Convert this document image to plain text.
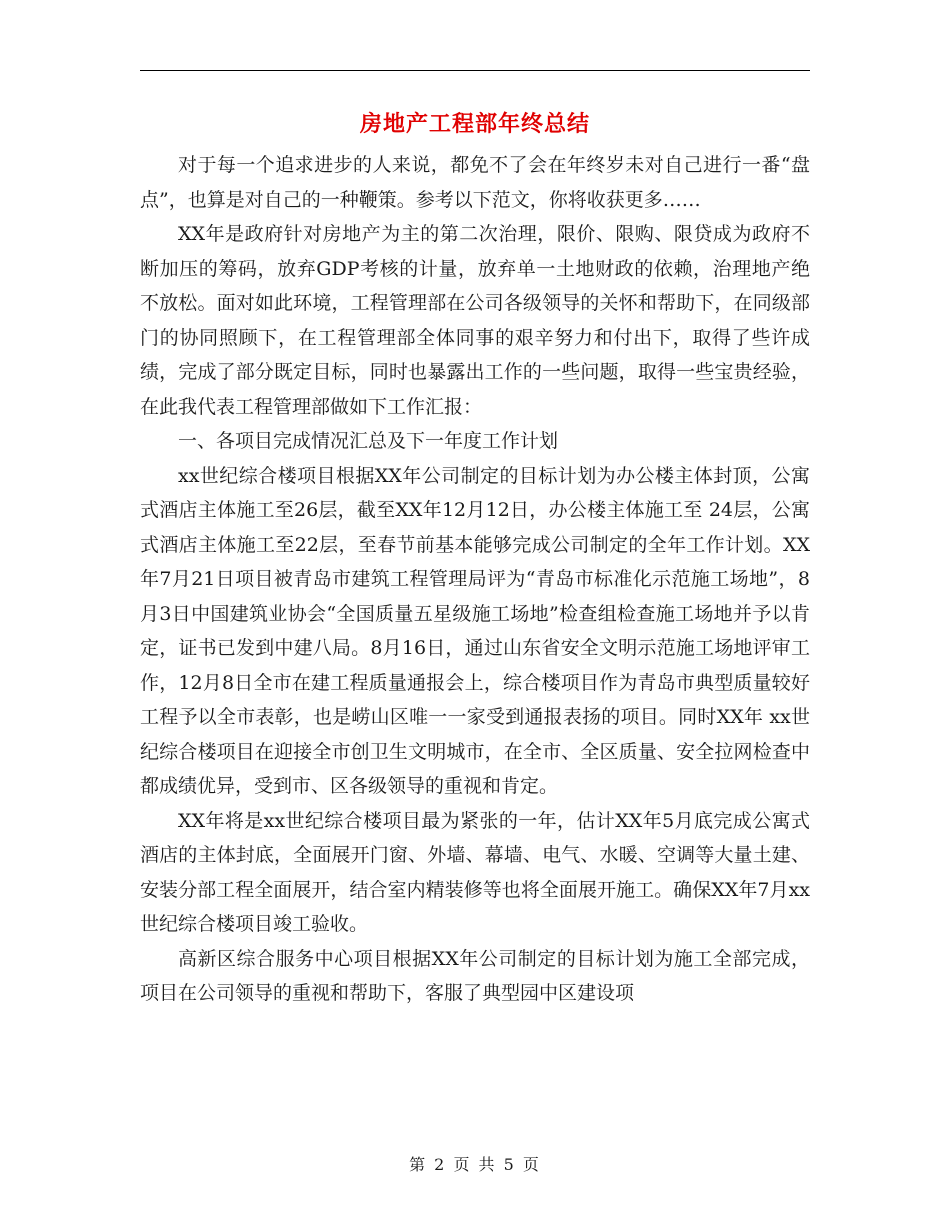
房地产工程部年终总结

对于每一个追求进步的人来说，都免不了会在年终岁未对自己进行一番“盘点”，也算是对自己的一种鞭策。参考以下范文，你将收获更多……

XX年是政府针对房地产为主的第二次治理，限价、限购、限贷成为政府不断加压的筹码，放弃GDP考核的计量，放弃单一土地财政的依赖，治理地产绝不放松。面对如此环境，工程管理部在公司各级领导的关怀和帮助下，在同级部门的协同照顾下，在工程管理部全体同事的艰辛努力和付出下，取得了些许成绩，完成了部分既定目标，同时也暴露出工作的一些问题，取得一些宝贵经验，在此我代表工程管理部做如下工作汇报：

一、各项目完成情况汇总及下一年度工作计划

xx世纪综合楼项目根据XX年公司制定的目标计划为办公楼主体封顶，公寓式酒店主体施工至26层，截至XX年12月12日，办公楼主体施工至 24层，公寓式酒店主体施工至22层，至春节前基本能够完成公司制定的全年工作计划。XX年7月21日项目被青岛市建筑工程管理局评为“青岛市标准化示范施工场地”，8月3日中国建筑业协会“全国质量五星级施工场地”检查组检查施工场地并予以肯定，证书已发到中建八局。8月16日，通过山东省安全文明示范施工场地评审工作，12月8日全市在建工程质量通报会上，综合楼项目作为青岛市典型质量较好工程予以全市表彰，也是崂山区唯一一家受到通报表扬的项目。同时XX年 xx世纪综合楼项目在迎接全市创卫生文明城市，在全市、全区质量、安全拉网检查中都成绩优异，受到市、区各级领导的重视和肯定。

XX年将是xx世纪综合楼项目最为紧张的一年，估计XX年5月底完成公寓式酒店的主体封底，全面展开门窗、外墙、幕墙、电气、水暖、空调等大量土建、安装分部工程全面展开，结合室内精装修等也将全面展开施工。确保XX年7月xx世纪综合楼项目竣工验收。

高新区综合服务中心项目根据XX年公司制定的目标计划为施工全部完成，项目在公司领导的重视和帮助下，客服了典型园中区建设项

第 2 页 共 5 页
